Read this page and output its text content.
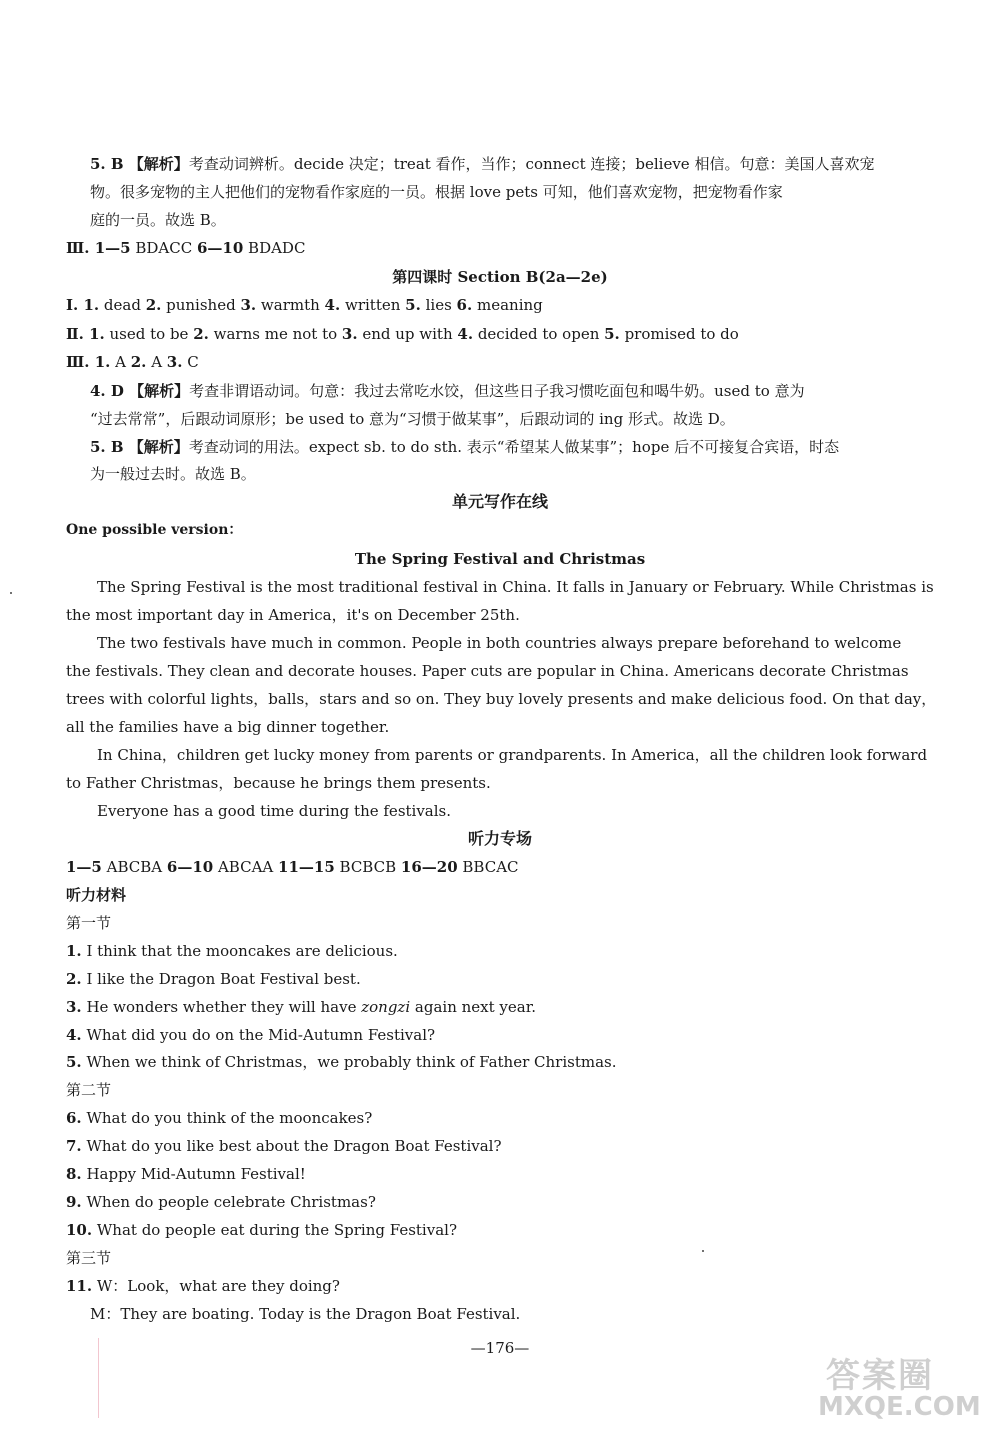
5. B 【解析】考查动词辨析。decide 决定；treat 看作，当作；connect 连接；believe 相信。句意：美国人喜欢宠
物。很多宠物的主人把他们的宠物看作家庭的一员。根据 love pets 可知，他们喜欢宠物，把宠物看作家
庭的一员。故选 B。
Ⅲ. 1—5 BDACC 6—10 BDADC
第四课时 Section B(2a—2e)
Ⅰ. 1. dead 2. punished 3. warmth 4. written 5. lies 6. meaning
Ⅱ. 1. used to be 2. warns me not to 3. end up with 4. decided to open 5. promised to do
Ⅲ. 1. A 2. A 3. C
4. D 【解析】考查非谓语动词。句意：我过去常吃水饺，但这些日子我习惯吃面包和喝牛奶。used to 意为
“过去常常”，后跟动词原形；be used to 意为“习惯于做某事”，后跟动词的 ing 形式。故选 D。
5. B 【解析】考查动词的用法。expect sb. to do sth. 表示“希望某人做某事”；hope 后不可接复合宾语，时态
为一般过去时。故选 B。
单元写作在线
One possible version：
The Spring Festival and Christmas
The Spring Festival is the most traditional festival in China. It falls in January or February. While Christmas is
the most important day in America，it's on December 25th.
The two festivals have much in common. People in both countries always prepare beforehand to welcome
the festivals. They clean and decorate houses. Paper cuts are popular in China. Americans decorate Christmas
trees with colorful lights，balls，stars and so on. They buy lovely presents and make delicious food. On that day，
all the families have a big dinner together.
In China，children get lucky money from parents or grandparents. In America，all the children look forward
to Father Christmas，because he brings them presents.
Everyone has a good time during the festivals.
听力专场
1—5 ABCBA 6—10 ABCAA 11—15 BCBCB 16—20 BBCAC
听力材料
第一节
1. I think that the mooncakes are delicious.
2. I like the Dragon Boat Festival best.
3. He wonders whether they will have zongzi again next year.
4. What did you do on the Mid-Autumn Festival?
5. When we think of Christmas，we probably think of Father Christmas.
第二节
6. What do you think of the mooncakes?
7. What do you like best about the Dragon Boat Festival?
8. Happy Mid-Autumn Festival!
9. When do people celebrate Christmas?
10. What do people eat during the Spring Festival?
第三节
11. W：Look，what are they doing?
M：They are boating. Today is the Dragon Boat Festival.
—176—
答案圈
MXQE.COM
